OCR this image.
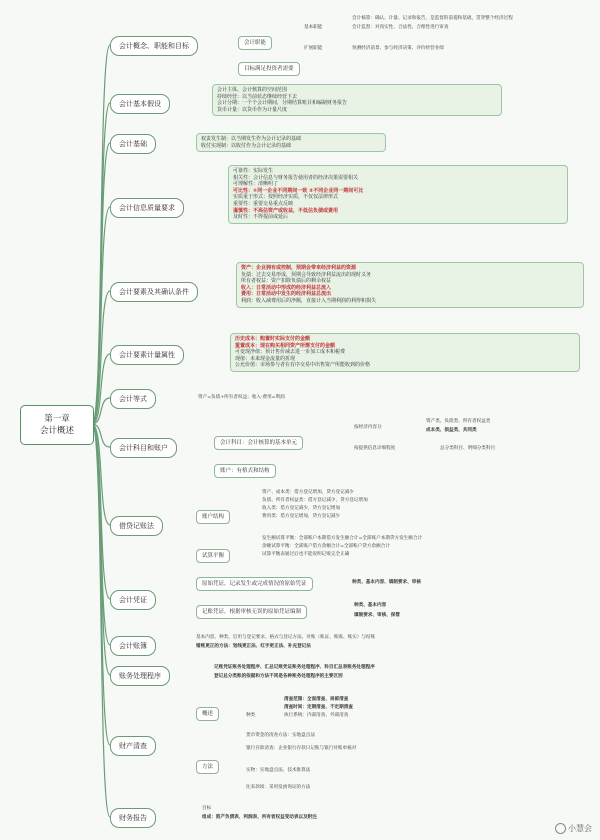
第一章
会计概述
会计概念、职能和目标
会计基本假设
会计基础
会计信息质量要求
会计要素及其确认条件
会计要素计量属性
会计等式
会计科目和账户
借贷记账法
会计凭证
会计账簿
账务处理程序
财产清查
财务报告
会计职能
基本职能
会计核算：确认、计量、记录和报告，是监督的前提和基础，贯穿整个经济过程
会计监督：对真实性、合法性、合理性进行审查
扩展职能	预测经济前景、参与经济决策、评价经营业绩
目标满足投资者需要
会计主体、会计核算的空间范围
持续经营：以当前状态继续经营下去
会计分期：一个个会计期间，分期结算账目和编制财务报告
货币计量：以货币作为计量尺度
权责发生制：以当期发生作为会计记录的基础
收付实现制：以收付作为会计记录的基础
可靠性：实际发生
相关性：会计信息与财务报告使用者的经济决策需要相关
可理解性：清晰明了
可比性：①同一企业不同期间一致 ②不同企业同一期间可比
实质重于形式：按照经济实质，不仅仅法律形式
重要性：重要交易重点反映
谨慎性：不高估资产或收益，不低估负债或费用
及时性：不得提前或延后
资产：企业拥有或控制，预期会带来经济利益的资源
负债：过去交易形成，预期会导致经济利益流出的现时义务
所有者权益：资产扣除负债后的剩余权益
收入：日常活动中形成的经济利益总流入
费用：日常活动中发生的经济利益总流出
利润：收入减费用后的净额，直接计入当期利润的利得和损失
历史成本：购置时实际支付的金额
重置成本：现在购买相同资产所需支付的金额
可变现净值：预计售价减去进一步加工成本和税费
现值：未来现金流量的折现
公允价值：市场参与者在有序交易中出售资产所能收到的价格
资产=负债+所有者权益；收入-费用=利润
会计科目：会计核算的基本单元
按经济内容分
资产类、负债类、所有者权益类
成本类、损益类、共同类
按提供信息详细程度	总分类科目、明细分类科目
账户：有格式和结构
账户结构
资产、成本类：借方登记增加，贷方登记减少
负债、所有者权益类：借方登记减少，贷方登记增加
收入类：借方登记减少，贷方登记增加
费用类：借方登记增加，贷方登记减少
试算平衡
发生额试算平衡：全部账户本期借方发生额合计=全部账户本期贷方发生额合计
余额试算平衡：全部账户借方余额合计=全部账户贷方余额合计
试算平衡表通过后也不能说明记账完全正确
原始凭证，记录发生或完成情况的原始凭证	种类、基本内容、填制要求、审核
记账凭证，根据审核无误的原始凭证编制
种类、基本内容
填制要求、审核、保管
基本内容、种类、启用与登记要求、格式与登记方法、对账（账证、账账、账实）与结账
错账更正的方法：划线更正法、红字更正法、补充登记法
记账凭证账务处理程序、汇总记账凭证账务处理程序、科目汇总表账务处理程序
登记总分类账的依据和方法不同是各种账务处理程序的主要区别
概述	种类
清查范围：全面清查、局部清查
清查时间：定期清查、不定期清查
执行系统：内部清查、外部清查
方法
货币资金的清查方法：实地盘点法
银行存款清查：企业银行存款日记账与银行对账单核对
实物：实地盘点法、技术推算法
往来款项：采用发函询证的方法
目标
组成：资产负债表、利润表、所有者权益变动表以及附注
小慧会
